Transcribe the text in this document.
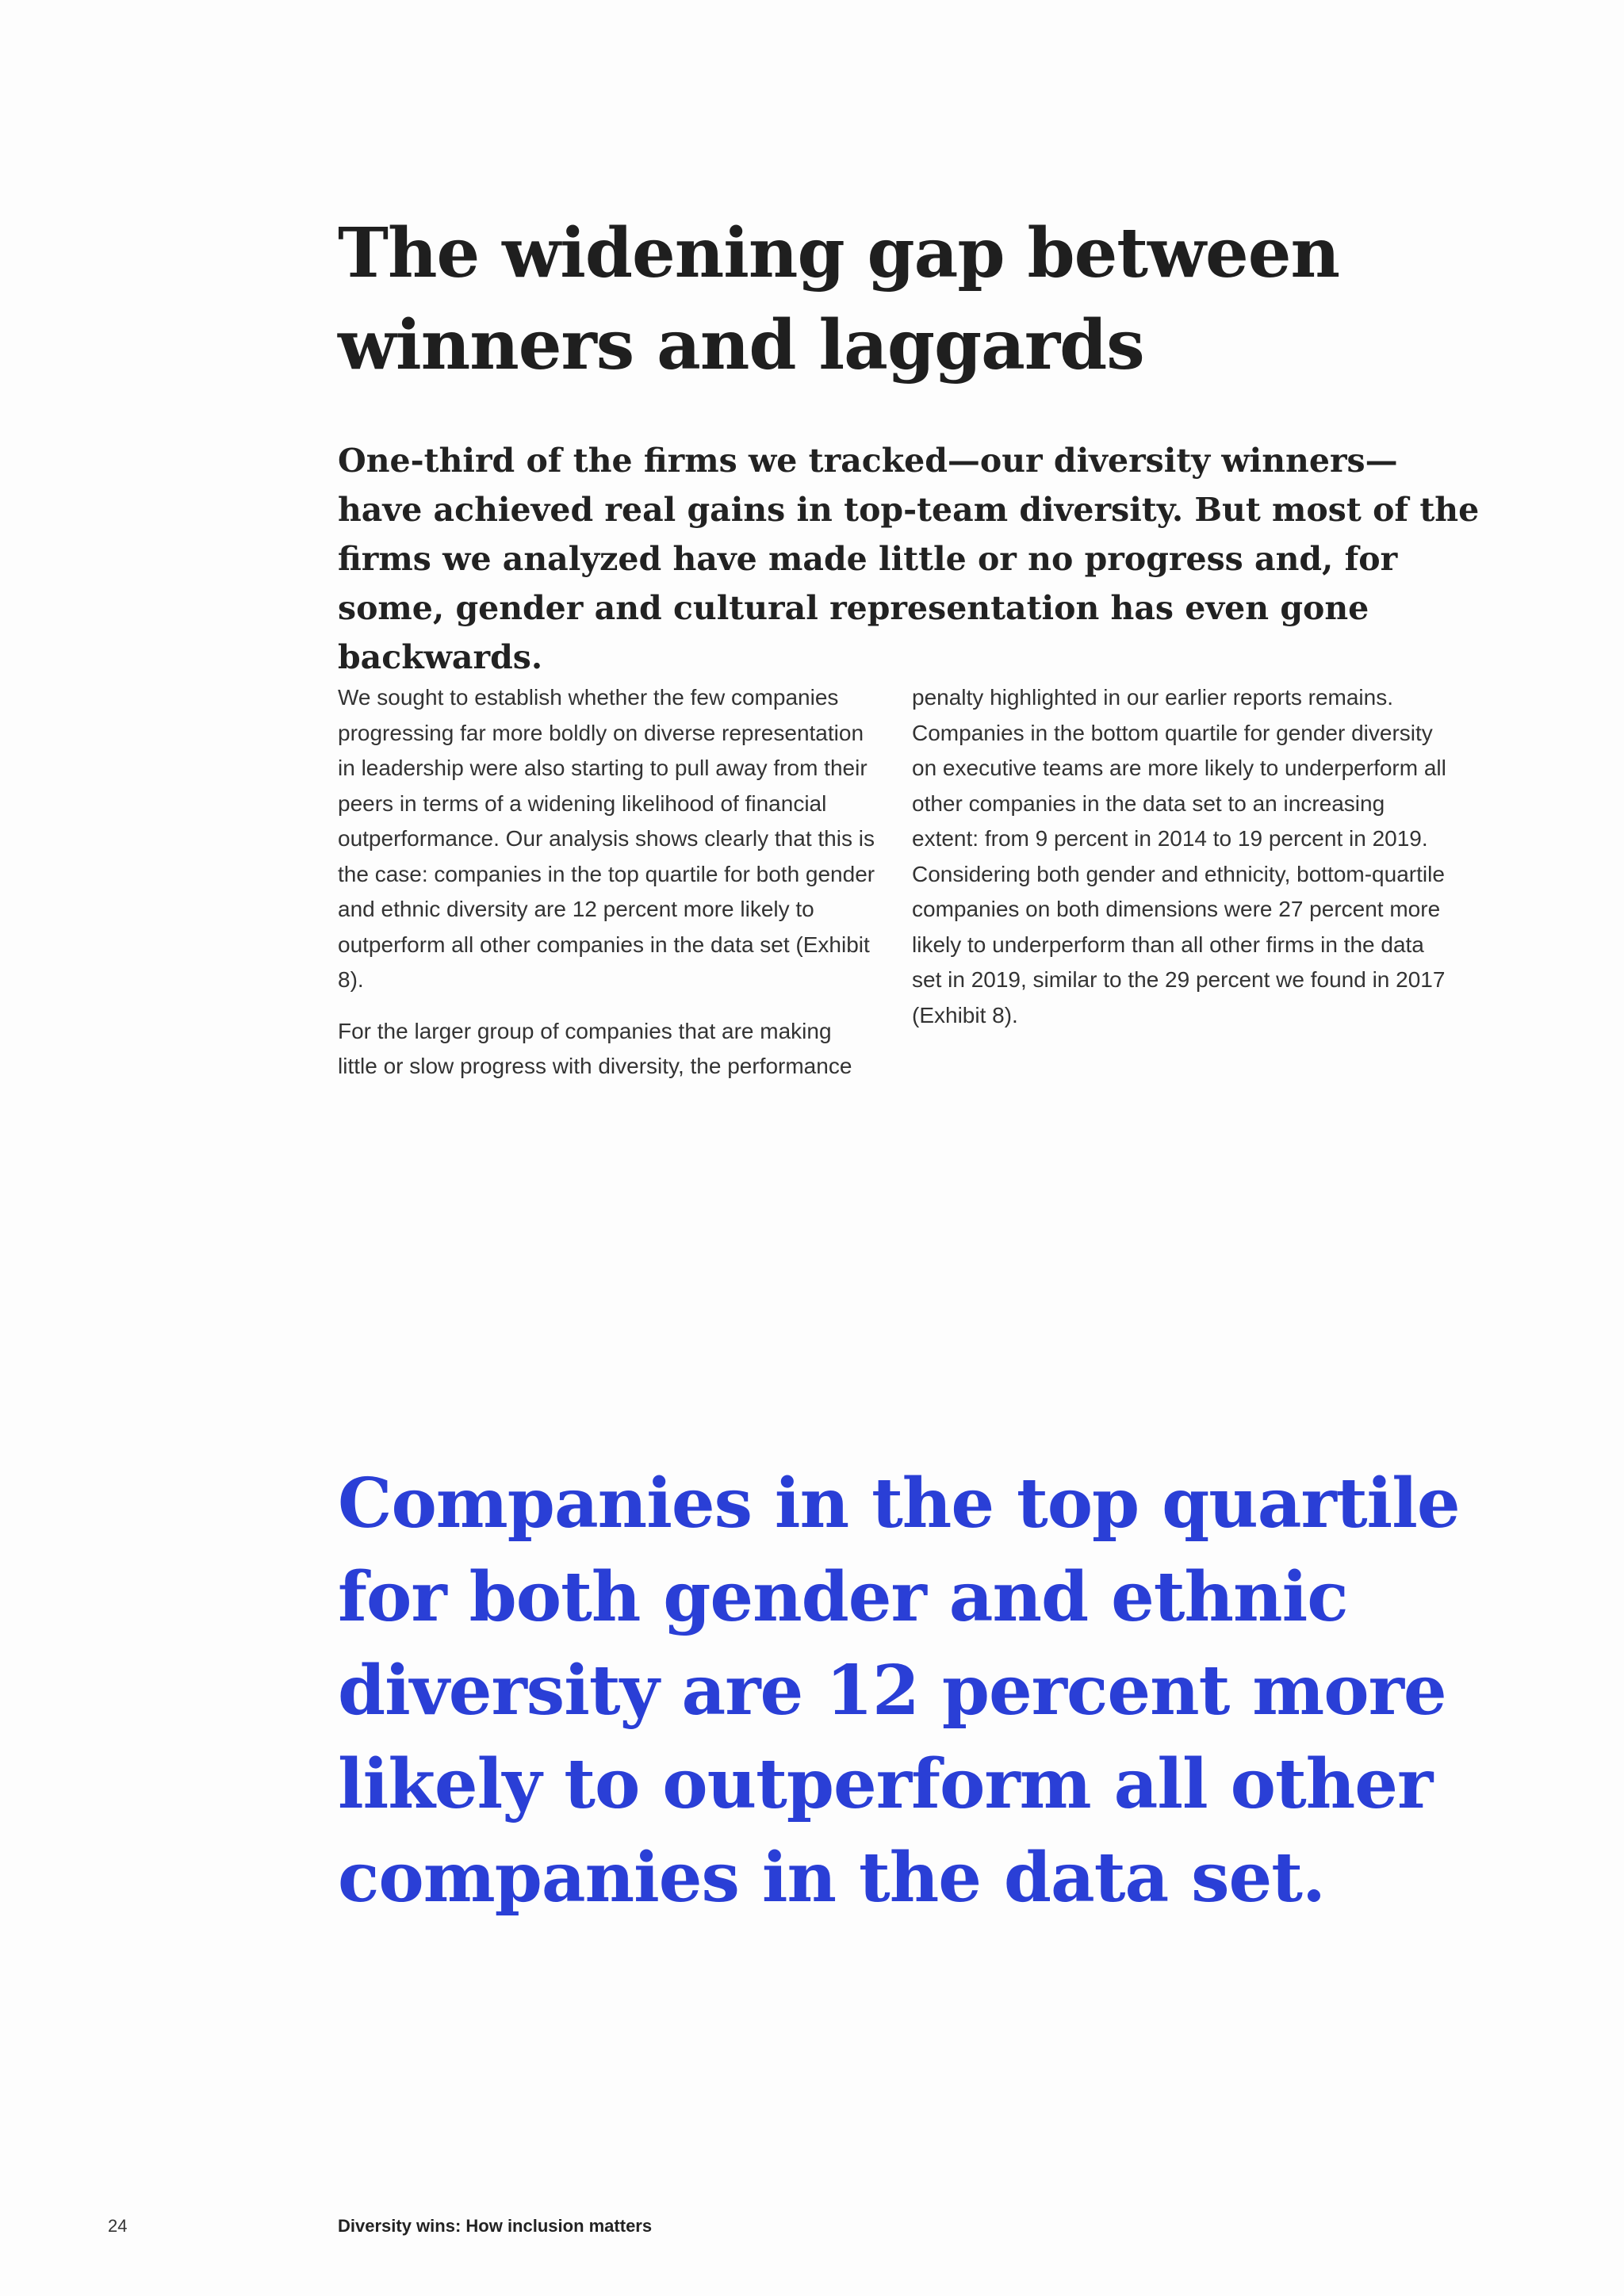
The widening gap between winners and laggards

One-third of the firms we tracked—our diversity winners—have achieved real gains in top-team diversity. But most of the firms we analyzed have made little or no progress and, for some, gender and cultural representation has even gone backwards.

We sought to establish whether the few companies progressing far more boldly on diverse representation in leadership were also starting to pull away from their peers in terms of a widening likelihood of financial outperformance. Our analysis shows clearly that this is the case: companies in the top quartile for both gender and ethnic diversity are 12 percent more likely to outperform all other companies in the data set (Exhibit 8).

For the larger group of companies that are making little or slow progress with diversity, the performance

penalty highlighted in our earlier reports remains. Companies in the bottom quartile for gender diversity on executive teams are more likely to underperform all other companies in the data set to an increasing extent: from 9 percent in 2014 to 19 percent in 2019. Considering both gender and ethnicity, bottom-quartile companies on both dimensions were 27 percent more likely to underperform than all other firms in the data set in 2019, similar to the 29 percent we found in 2017 (Exhibit 8).

Companies in the top quartile for both gender and ethnic diversity are 12 percent more likely to outperform all other companies in the data set.

24	Diversity wins: How inclusion matters
